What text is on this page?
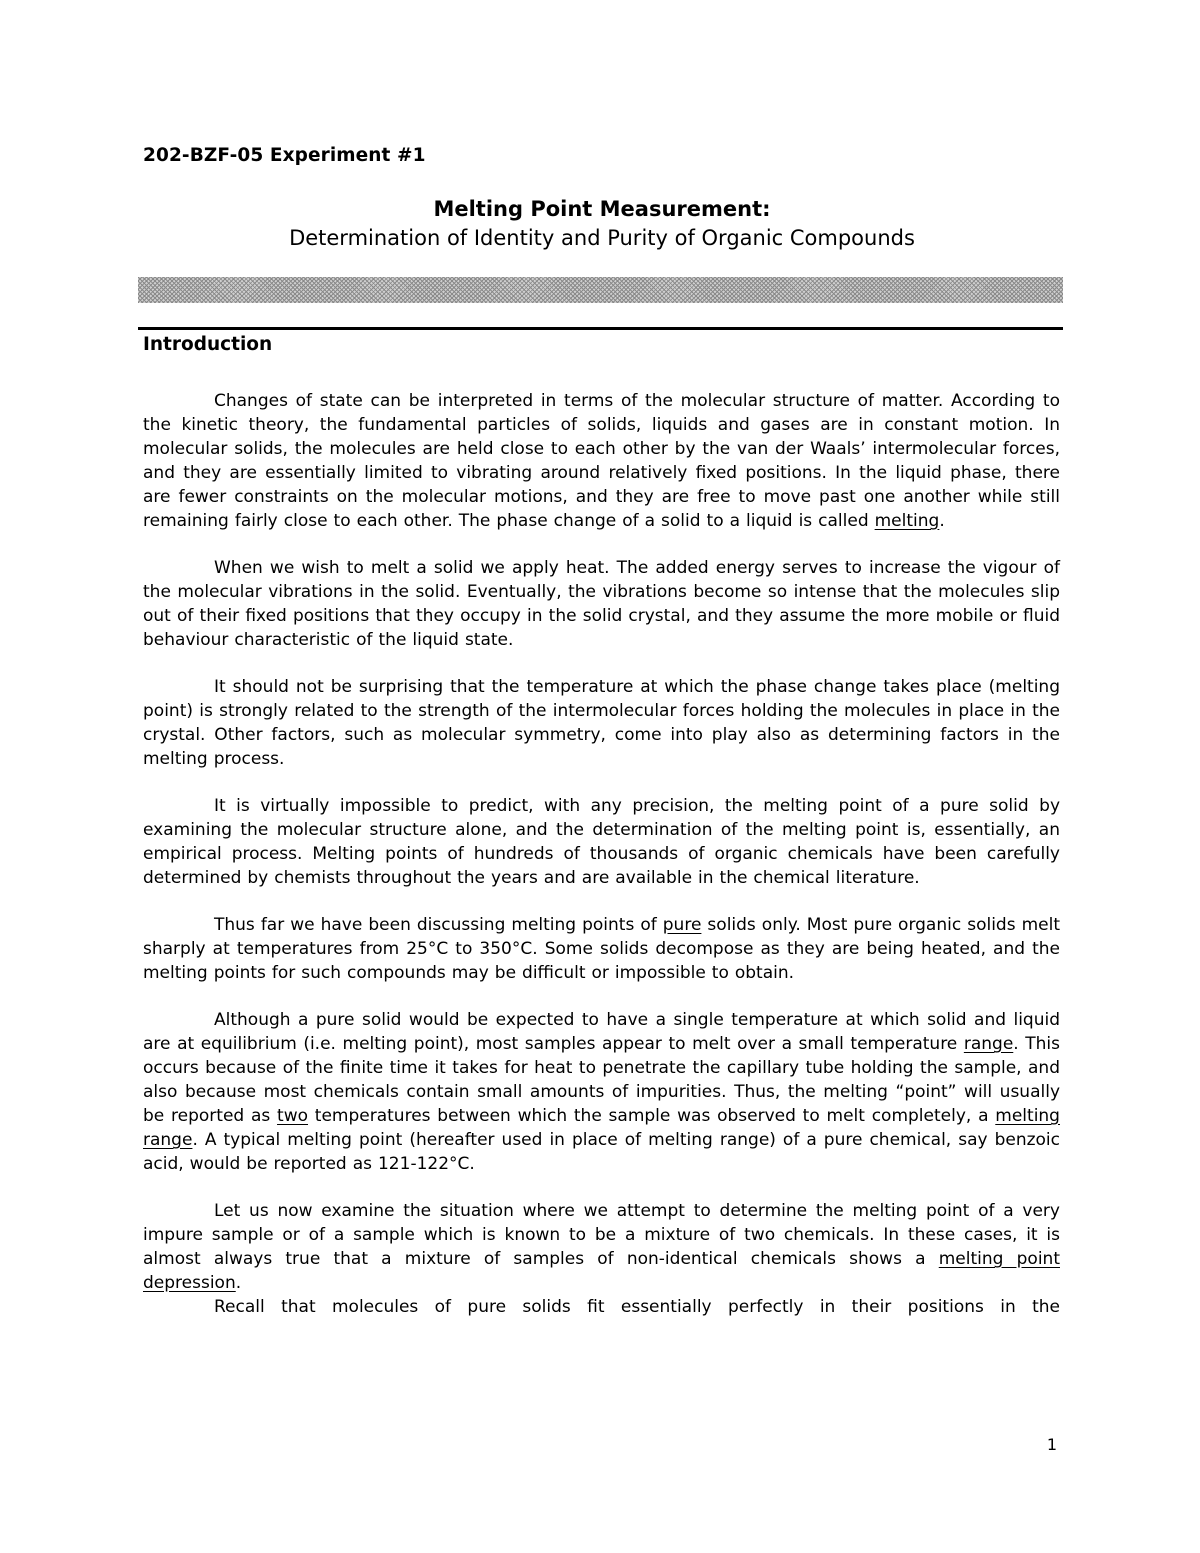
202-BZF-05 Experiment #1
Melting Point Measurement:
Determination of Identity and Purity of Organic Compounds
Introduction

Changes of state can be interpreted in terms of the molecular structure of matter. According to the kinetic theory, the fundamental particles of solids, liquids and gases are in constant motion. In molecular solids, the molecules are held close to each other by the van der Waals’ intermolecular forces, and they are essentially limited to vibrating around relatively fixed positions. In the liquid phase, there are fewer constraints on the molecular motions, and they are free to move past one another while still remaining fairly close to each other. The phase change of a solid to a liquid is called melting.

When we wish to melt a solid we apply heat. The added energy serves to increase the vigour of the molecular vibrations in the solid. Eventually, the vibrations become so intense that the molecules slip out of their fixed positions that they occupy in the solid crystal, and they assume the more mobile or fluid behaviour characteristic of the liquid state.

It should not be surprising that the temperature at which the phase change takes place (melting point) is strongly related to the strength of the intermolecular forces holding the molecules in place in the crystal. Other factors, such as molecular symmetry, come into play also as determining factors in the melting process.

It is virtually impossible to predict, with any precision, the melting point of a pure solid by examining the molecular structure alone, and the determination of the melting point is, essentially, an empirical process. Melting points of hundreds of thousands of organic chemicals have been carefully determined by chemists throughout the years and are available in the chemical literature.

Thus far we have been discussing melting points of pure solids only. Most pure organic solids melt sharply at temperatures from 25°C to 350°C. Some solids decompose as they are being heated, and the melting points for such compounds may be difficult or impossible to obtain.

Although a pure solid would be expected to have a single temperature at which solid and liquid are at equilibrium (i.e. melting point), most samples appear to melt over a small temperature range. This occurs because of the finite time it takes for heat to penetrate the capillary tube holding the sample, and also because most chemicals contain small amounts of impurities. Thus, the melting “point” will usually be reported as two temperatures between which the sample was observed to melt completely, a melting range. A typical melting point (hereafter used in place of melting range) of a pure chemical, say benzoic acid, would be reported as 121-122°C.

Let us now examine the situation where we attempt to determine the melting point of a very impure sample or of a sample which is known to be a mixture of two chemicals. In these cases, it is almost always true that a mixture of samples of non-identical chemicals shows a melting point depression.

Recall that molecules of pure solids fit essentially perfectly in their positions in the

1
